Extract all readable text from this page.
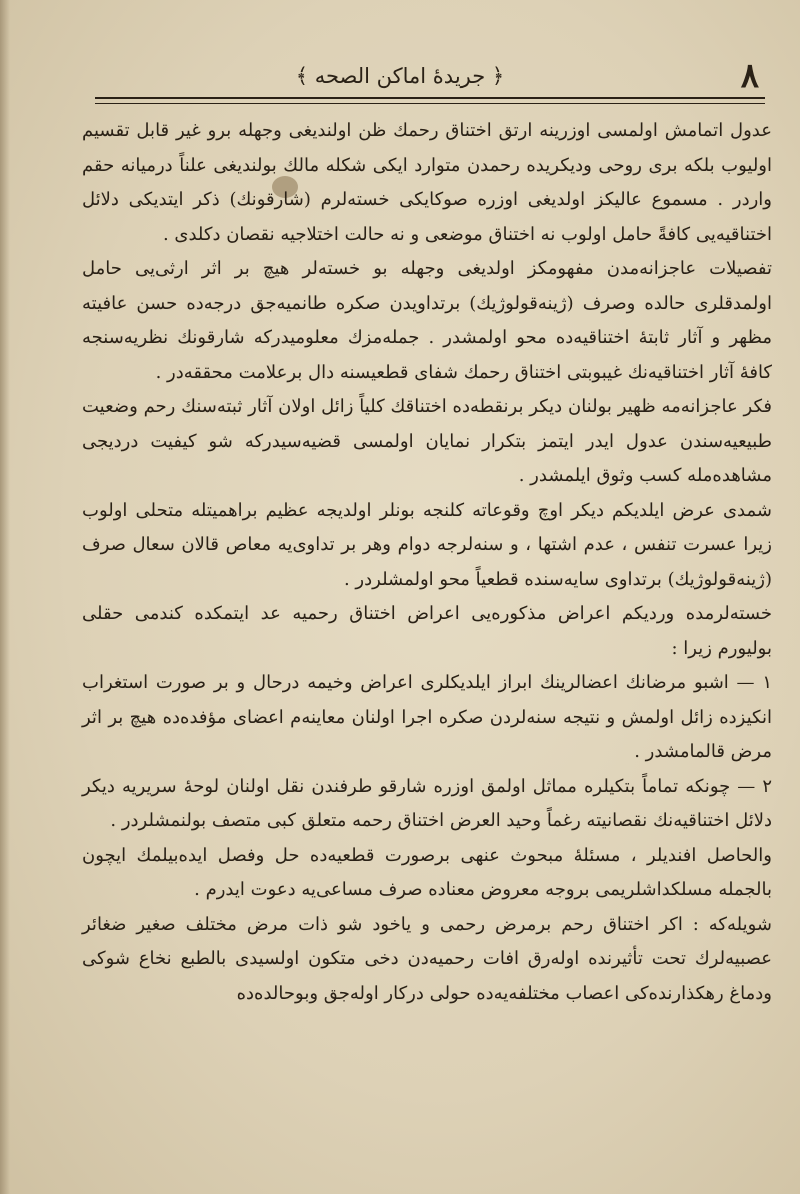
٨
﴿ جريدهٔ اماكن الصحه ﴾

عدول اتمامش اولمسی اوزرینه ارتق اختناق رحمك ظن اولندیغی وجهله برو غیر قابل تقسیم اولیوب بلكه بری روحی ودیكریده رحمدن متوارد ایكی شكله مالك بولندیغی علناً درمیانه حقم واردر . مسموع عالیكز اولدیغی اوزره صوكایكی خسته‌لرم (شارقونك) ذكر ایتدیكی دلائل اختناقیه‌یی كافةً حامل اولوب نه اختناق موضعی و نه حالت اختلاجیه نقصان دكلدی .

تفصیلات عاجزانه‌مدن مفهومكز اولدیغی وجهله بو خسته‌لر هیچ بر اثر ارثی‌یی حامل اولمدقلری حالده وصرف (ژینه‌قولوژیك) برتداویدن صكره طانمیه‌جق درجه‌ده حسن عافیته مظهر و آثار ثابتهٔ اختناقیه‌ده محو اولمشدر . جمله‌مزك معلومیدركه شارقونك نظریه‌سنجه كافهٔ آثار اختناقیه‌نك غیبوبتی اختناق رحمك شفای قطعیسنه دال برعلامت محققه‌در .

فكر عاجزانه‌مه ظهیر بولنان دیكر برنقطه‌ده اختناقك كلیاً زائل اولان آثار ثبته‌سنك رحم وضعیت طبیعیه‌سندن عدول ایدر ایتمز بتكرار نمایان اولمسی قضیه‌سیدركه شو كیفیت دردیجی مشاهده‌مله كسب وثوق ایلمشدر .

شمدی عرض ایلدیكم دیكر اوچ وقوعاته كلنجه بونلر اولدیجه عظیم براهمیتله متحلی اولوب زیرا عسرت تنفس ، عدم اشتها ، و سنه‌لرجه دوام وهر بر تداوی‌یه معاص قالان سعال صرف (ژینه‌قولوژیك) برتداوی سایه‌سنده قطعیاً محو اولمشلردر .

خسته‌لرمده وردیكم اعراض مذكوره‌یی اعراض اختناق رحمیه عد ایتمكده كندمی حقلی بولیورم زیرا :

١ — اشبو مرضانك اعضالرینك ابراز ایلدیكلری اعراض وخیمه درحال و بر صورت استغراب انكیزده زائل اولمش و نتیجه سنه‌لردن صكره اجرا اولنان معاینه‌م اعضای مؤفده‌ده هیچ بر اثر مرض قالمامشدر .

٢ — چونكه تماماً بتكیلره مماثل اولمق اوزره شارقو طرفندن نقل اولنان لوحهٔ سریریه دیكر دلائل اختناقیه‌نك نقصانیته رغماً وحید العرض اختناق رحمه متعلق كبی متصف بولنمشلردر .

والحاصل افندیلر ، مسئلهٔ مبحوث عنهی برصورت قطعیه‌ده حل وفصل ایده‌بیلمك ایچون بالجمله مسلكداشلریمی بروجه معروض معناده صرف مساعی‌یه دعوت ایدرم .

شویله‌كه : اكر اختناق رحم برمرض رحمی و یاخود شو ذات مرض مختلف صغیر ضغائر عصبیه‌لرك تحت تأثیرنده اوله‌رق افات رحمیه‌دن دخی متكون اولسیدی بالطبع نخاع شوكی ودماغ رهكذارنده‌كی اعصاب مختلفه‌یه‌ده حولی دركار اوله‌جق وبوحالده‌ده
